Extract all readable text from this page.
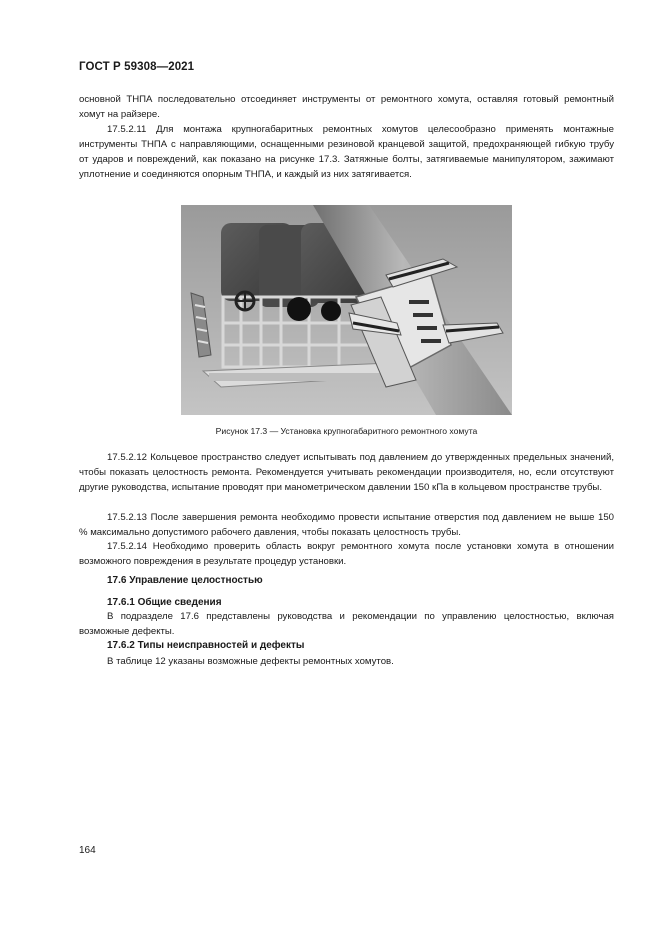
ГОСТ Р 59308—2021

основной ТНПА последовательно отсоединяет инструменты от ремонтного хомута, оставляя готовый ремонтный хомут на райзере.

17.5.2.11 Для монтажа крупногабаритных ремонтных хомутов целесообразно применять монтажные инструменты ТНПА с направляющими, оснащенными резиновой кранцевой защитой, предохраняющей гибкую трубу от ударов и повреждений, как показано на рисунке 17.3. Затяжные болты, затягиваемые манипулятором, зажимают уплотнение и соединяются опорным ТНПА, и каждый из них затягивается.

Рисунок 17.3 — Установка крупногабаритного ремонтного хомута

17.5.2.12 Кольцевое пространство следует испытывать под давлением до утвержденных предельных значений, чтобы показать целостность ремонта. Рекомендуется учитывать рекомендации производителя, но, если отсутствуют другие руководства, испытание проводят при манометрическом давлении 150 кПа в кольцевом пространстве трубы.

17.5.2.13 После завершения ремонта необходимо провести испытание отверстия под давлением не выше 150 % максимально допустимого рабочего давления, чтобы показать целостность трубы.

17.5.2.14 Необходимо проверить область вокруг ремонтного хомута после установки хомута в отношении возможного повреждения в результате процедур установки.

17.6 Управление целостностью
17.6.1 Общие сведения

В подразделе 17.6 представлены руководства и рекомендации по управлению целостностью, включая возможные дефекты.

17.6.2 Типы неисправностей и дефекты

В таблице 12 указаны возможные дефекты ремонтных хомутов.

164
